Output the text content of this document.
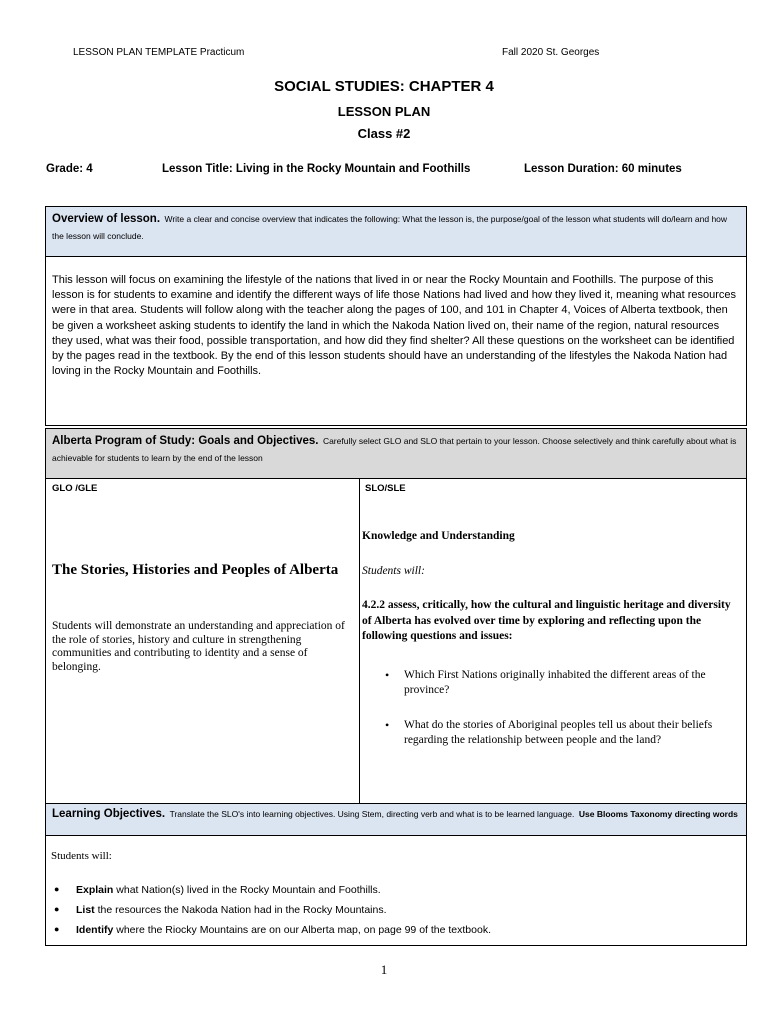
LESSON PLAN TEMPLATE Practicum	Fall 2020 St. Georges
SOCIAL STUDIES: CHAPTER 4
LESSON PLAN
Class #2
Grade: 4	Lesson Title: Living in the Rocky Mountain and Foothills	Lesson Duration: 60 minutes
Overview of lesson. Write a clear and concise overview that indicates the following: What the lesson is, the purpose/goal of the lesson what students will do/learn and how the lesson will conclude.
This lesson will focus on examining the lifestyle of the nations that lived in or near the Rocky Mountain and Foothills. The purpose of this lesson is for students to examine and identify the different ways of life those Nations had lived and how they lived it, meaning what resources were in that area. Students will follow along with the teacher along the pages of 100, and 101 in Chapter 4, Voices of Alberta textbook, then be given a worksheet asking students to identify the land in which the Nakoda Nation lived on, their name of the region, natural resources they used, what was their food, possible transportation, and how did they find shelter? All these questions on the worksheet can be identified by the pages read in the textbook. By the end of this lesson students should have an understanding of the lifestyles the Nakoda Nation had loving in the Rocky Mountain and Foothills.
Alberta Program of Study: Goals and Objectives. Carefully select GLO and SLO that pertain to your lesson. Choose selectively and think carefully about what is achievable for students to learn by the end of the lesson
GLO /GLE
The Stories, Histories and Peoples of Alberta
Students will demonstrate an understanding and appreciation of the role of stories, history and culture in strengthening communities and contributing to identity and a sense of belonging.
SLO/SLE
Knowledge and Understanding
Students will:
4.2.2 assess, critically, how the cultural and linguistic heritage and diversity of Alberta has evolved over time by exploring and reflecting upon the following questions and issues:
• Which First Nations originally inhabited the different areas of the province?
• What do the stories of Aboriginal peoples tell us about their beliefs regarding the relationship between people and the land?
Learning Objectives. Translate the SLO's into learning objectives. Using Stem, directing verb and what is to be learned language. Use Blooms Taxonomy directing words
Students will:
● Explain what Nation(s) lived in the Rocky Mountain and Foothills.
● List the resources the Nakoda Nation had in the Rocky Mountains.
● Identify where the Riocky Mountains are on our Alberta map, on page 99 of the textbook.
1
